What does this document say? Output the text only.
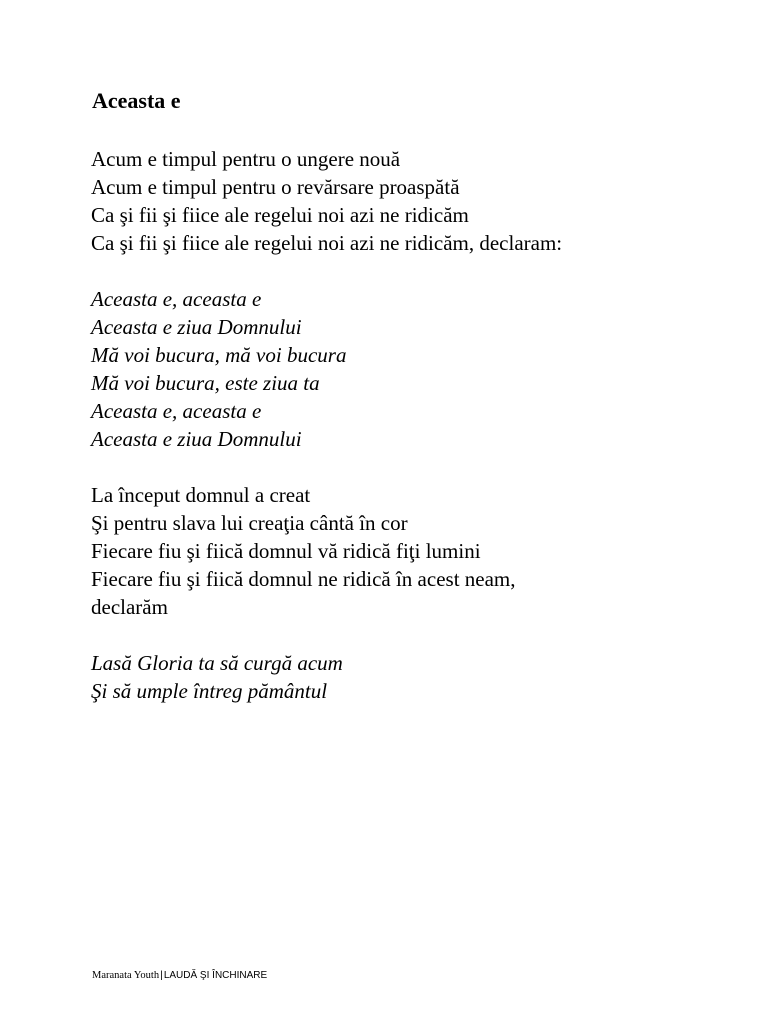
Aceasta e
Acum e timpul pentru o ungere nouă
Acum e timpul pentru o revărsare proaspătă
Ca şi fii şi fiice ale regelui noi azi ne ridicăm
Ca şi fii şi fiice ale regelui noi azi ne ridicăm, declaram:
Aceasta e, aceasta e
Aceasta e ziua Domnului
Mă voi bucura, mă voi bucura
Mă voi bucura, este ziua ta
Aceasta e, aceasta e
Aceasta e ziua Domnului
La început domnul a creat
Şi pentru slava lui creaţia cântă în cor
Fiecare fiu şi fiică domnul vă ridică fiţi lumini
Fiecare fiu şi fiică domnul ne ridică în acest neam,
declarăm
Lasă Gloria ta să curgă acum
Şi să umple întreg pământul
Maranata Youth|LAUDĂ ŞI ÎNCHINARE
